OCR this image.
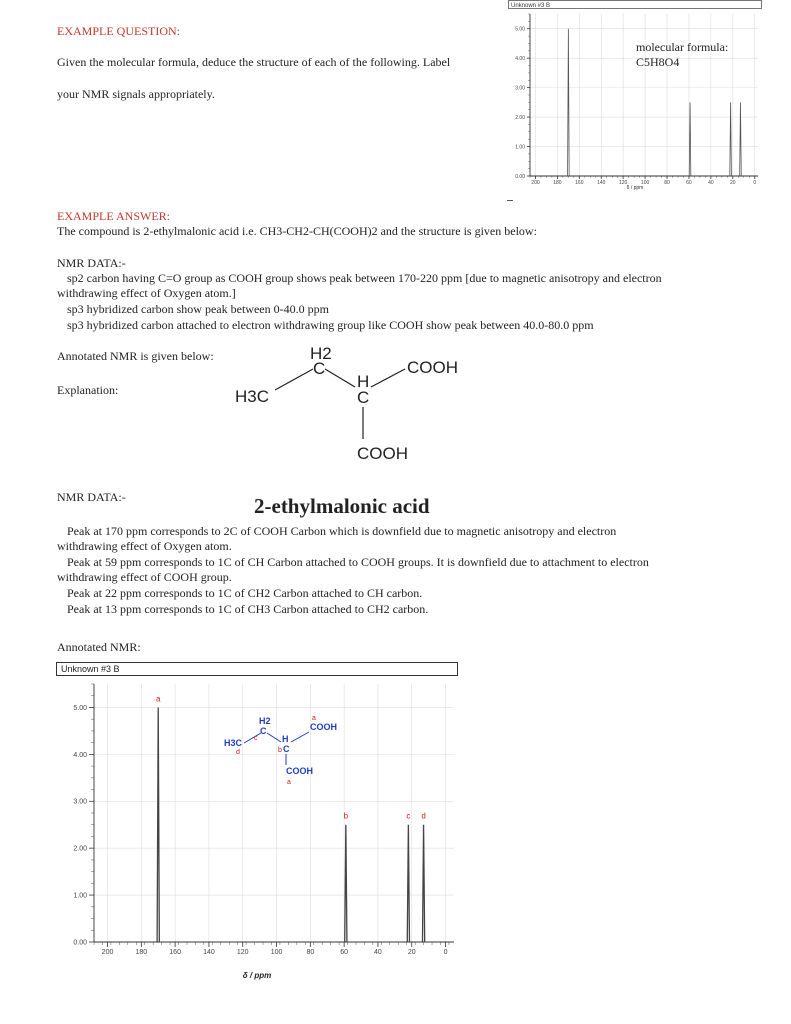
EXAMPLE QUESTION:
Given the molecular formula, deduce the structure of each of the following. Label
your NMR signals appropriately.
Unknown #3 B
δ / ppm
200	180	160	140	120	100	80	60	40	20	0
0.00
1.00
2.00
3.00
4.00
5.00
molecular formula:
C5H8O4
EXAMPLE ANSWER:
The compound is 2-ethylmalonic acid i.e. CH3-CH2-CH(COOH)2 and the structure is given below:
NMR DATA:-
sp2 carbon having C=O group as COOH group shows peak between 170-220 ppm [due to magnetic anisotropy and electron
withdrawing effect of Oxygen atom.]
sp3 hybridized carbon show peak between 0-40.0 ppm
sp3 hybridized carbon attached to electron withdrawing group like COOH show peak between 40.0-80.0 ppm
Annotated NMR is given below:
Explanation:
H2
C
H3C
H
C
COOH
COOH
NMR DATA:-	2-ethylmalonic acid
Peak at 170 ppm corresponds to 2C of COOH Carbon which is downfield due to magnetic anisotropy and electron
withdrawing effect of Oxygen atom.
Peak at 59 ppm corresponds to 1C of CH Carbon attached to COOH groups. It is downfield due to attachment to electron
withdrawing effect of COOH group.
Peak at 22 ppm corresponds to 1C of CH2 Carbon attached to CH carbon.
Peak at 13 ppm corresponds to 1C of CH3 Carbon attached to CH2 carbon.
Annotated NMR:
Unknown #3 B
δ / ppm
200	180	160	140	120	100	80	60	40	20	0
0.00
1.00
2.00
3.00
4.00
5.00
a
b	c d
H2
C
c
H3C
d
H
C
b
COOH
a
COOH
a
